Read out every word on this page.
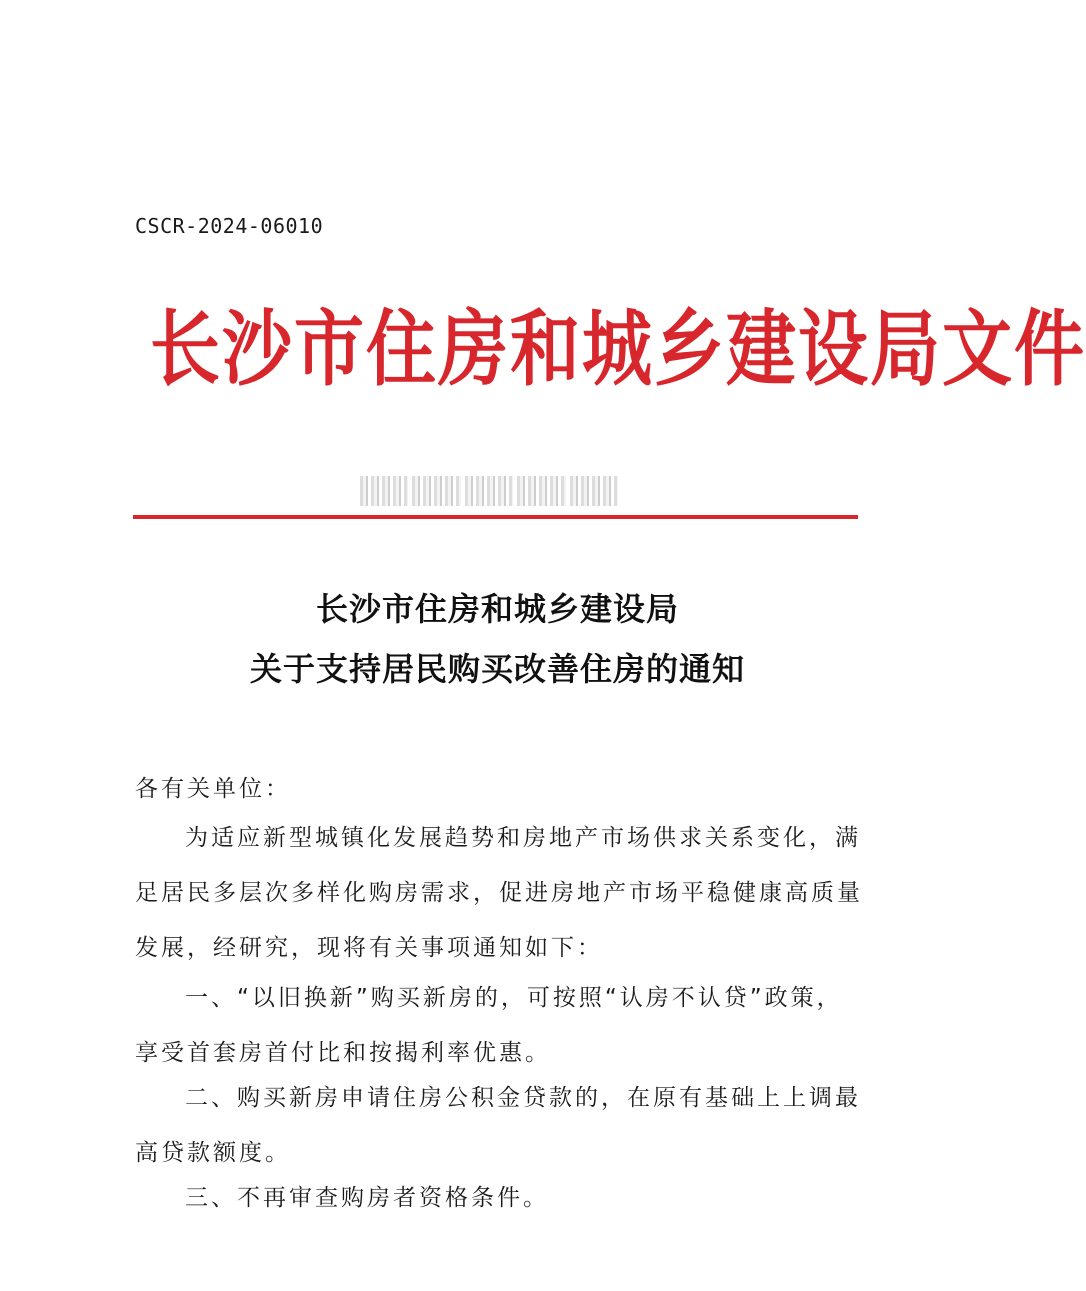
CSCR-2024-06010
长沙市住房和城乡建设局文件
长沙市住房和城乡建设局
关于支持居民购买改善住房的通知
各有关单位：
为适应新型城镇化发展趋势和房地产市场供求关系变化，满
足居民多层次多样化购房需求，促进房地产市场平稳健康高质量
发展，经研究，现将有关事项通知如下：
一、“以旧换新”购买新房的，可按照“认房不认贷”政策，
享受首套房首付比和按揭利率优惠。
二、购买新房申请住房公积金贷款的，在原有基础上上调最
高贷款额度。
三、不再审查购房者资格条件。
